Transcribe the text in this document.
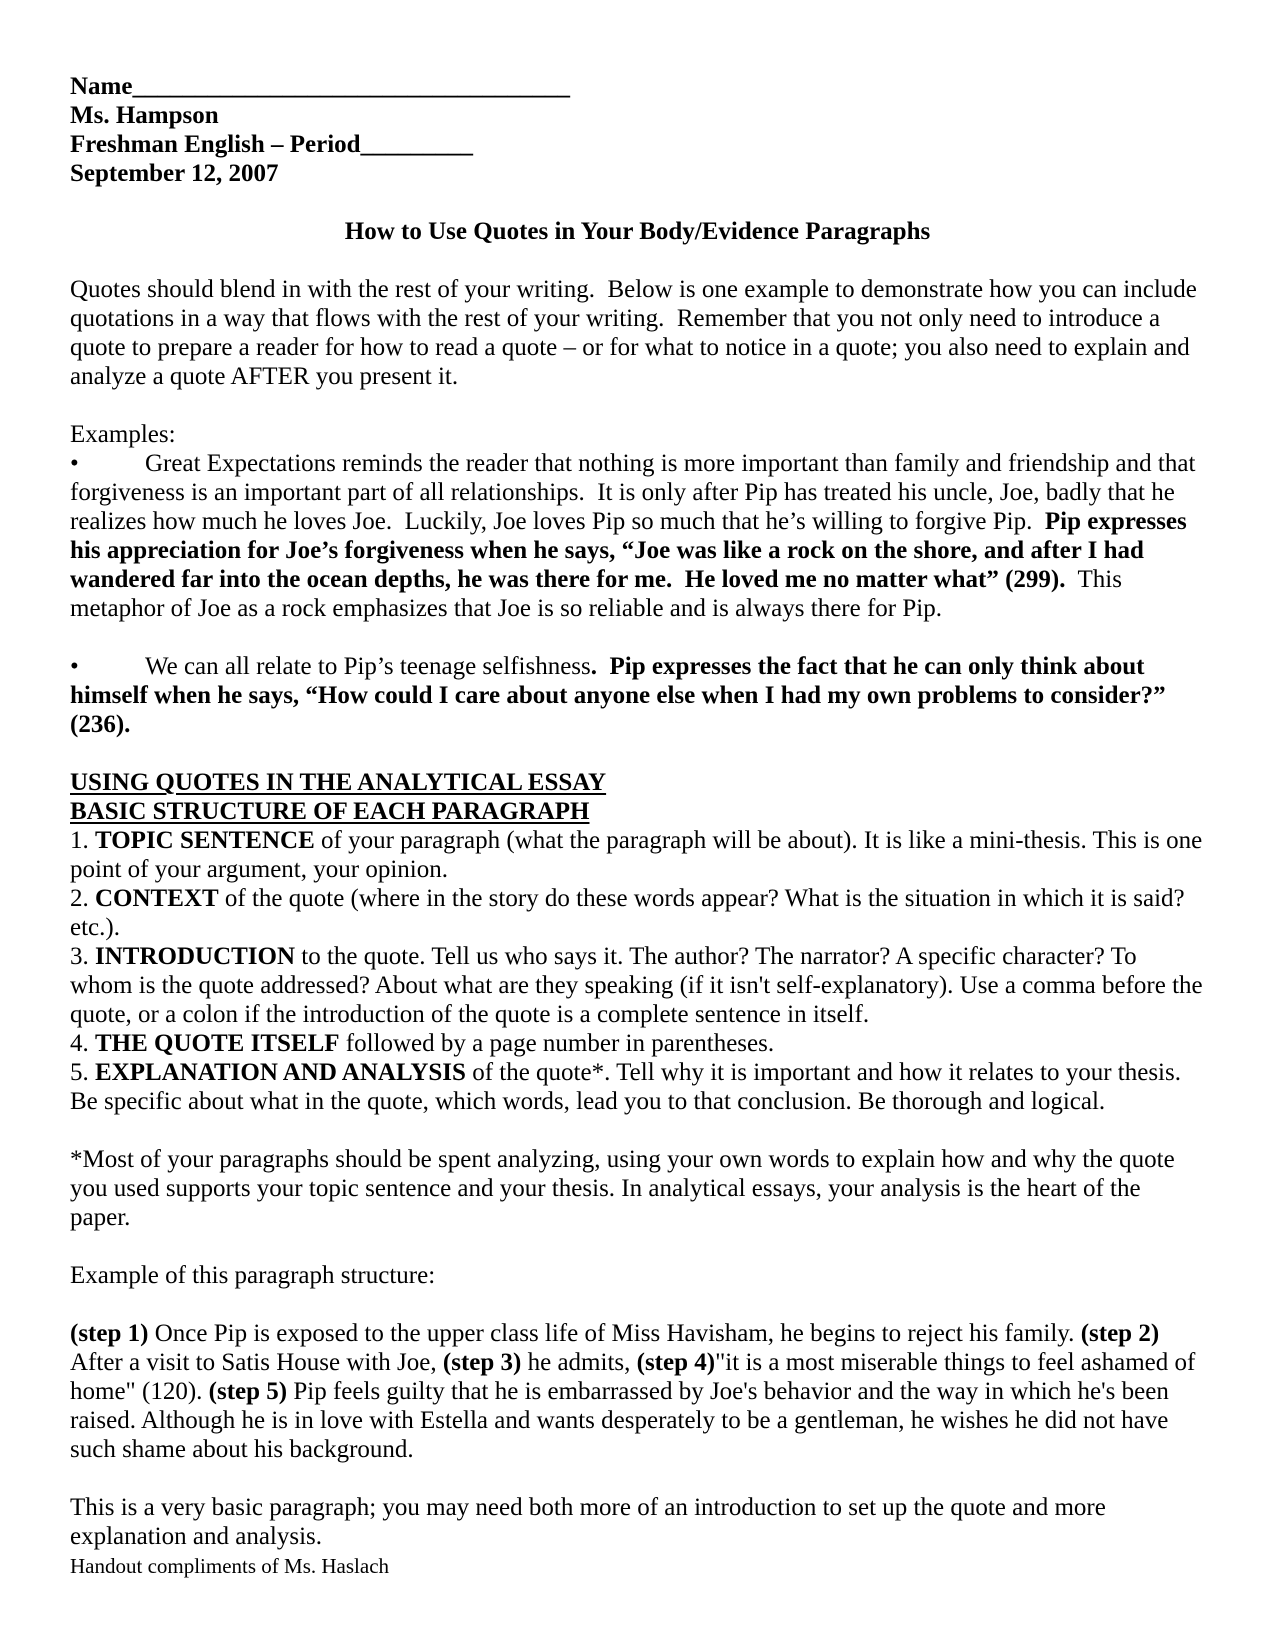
Name___________________________________

Ms. Hampson

Freshman English – Period_________

September 12, 2007

How to Use Quotes in Your Body/Evidence Paragraphs

Quotes should blend in with the rest of your writing.  Below is one example to demonstrate how you can include quotations in a way that flows with the rest of your writing.  Remember that you not only need to introduce a quote to prepare a reader for how to read a quote – or for what to notice in a quote; you also need to explain and analyze a quote AFTER you present it.

Examples:

•	Great Expectations reminds the reader that nothing is more important than family and friendship and that forgiveness is an important part of all relationships.  It is only after Pip has treated his uncle, Joe, badly that he realizes how much he loves Joe.  Luckily, Joe loves Pip so much that he’s willing to forgive Pip.  Pip expresses his appreciation for Joe’s forgiveness when he says, “Joe was like a rock on the shore, and after I had wandered far into the ocean depths, he was there for me.  He loved me no matter what” (299).  This metaphor of Joe as a rock emphasizes that Joe is so reliable and is always there for Pip.

•	We can all relate to Pip’s teenage selfishness.  Pip expresses the fact that he can only think about himself when he says, “How could I care about anyone else when I had my own problems to consider?” (236).

USING QUOTES IN THE ANALYTICAL ESSAY

BASIC STRUCTURE OF EACH PARAGRAPH

1. TOPIC SENTENCE of your paragraph (what the paragraph will be about). It is like a mini-thesis. This is one point of your argument, your opinion.

2. CONTEXT of the quote (where in the story do these words appear? What is the situation in which it is said? etc.).

3. INTRODUCTION to the quote. Tell us who says it. The author? The narrator? A specific character? To whom is the quote addressed? About what are they speaking (if it isn't self-explanatory). Use a comma before the quote, or a colon if the introduction of the quote is a complete sentence in itself.

4. THE QUOTE ITSELF followed by a page number in parentheses.

5. EXPLANATION AND ANALYSIS of the quote*. Tell why it is important and how it relates to your thesis. Be specific about what in the quote, which words, lead you to that conclusion. Be thorough and logical.

*Most of your paragraphs should be spent analyzing, using your own words to explain how and why the quote you used supports your topic sentence and your thesis. In analytical essays, your analysis is the heart of the paper.

Example of this paragraph structure:

(step 1) Once Pip is exposed to the upper class life of Miss Havisham, he begins to reject his family. (step 2) After a visit to Satis House with Joe, (step 3) he admits, (step 4)"it is a most miserable things to feel ashamed of home" (120). (step 5) Pip feels guilty that he is embarrassed by Joe's behavior and the way in which he's been raised. Although he is in love with Estella and wants desperately to be a gentleman, he wishes he did not have such shame about his background.

This is a very basic paragraph; you may need both more of an introduction to set up the quote and more explanation and analysis.

Handout compliments of Ms. Haslach
